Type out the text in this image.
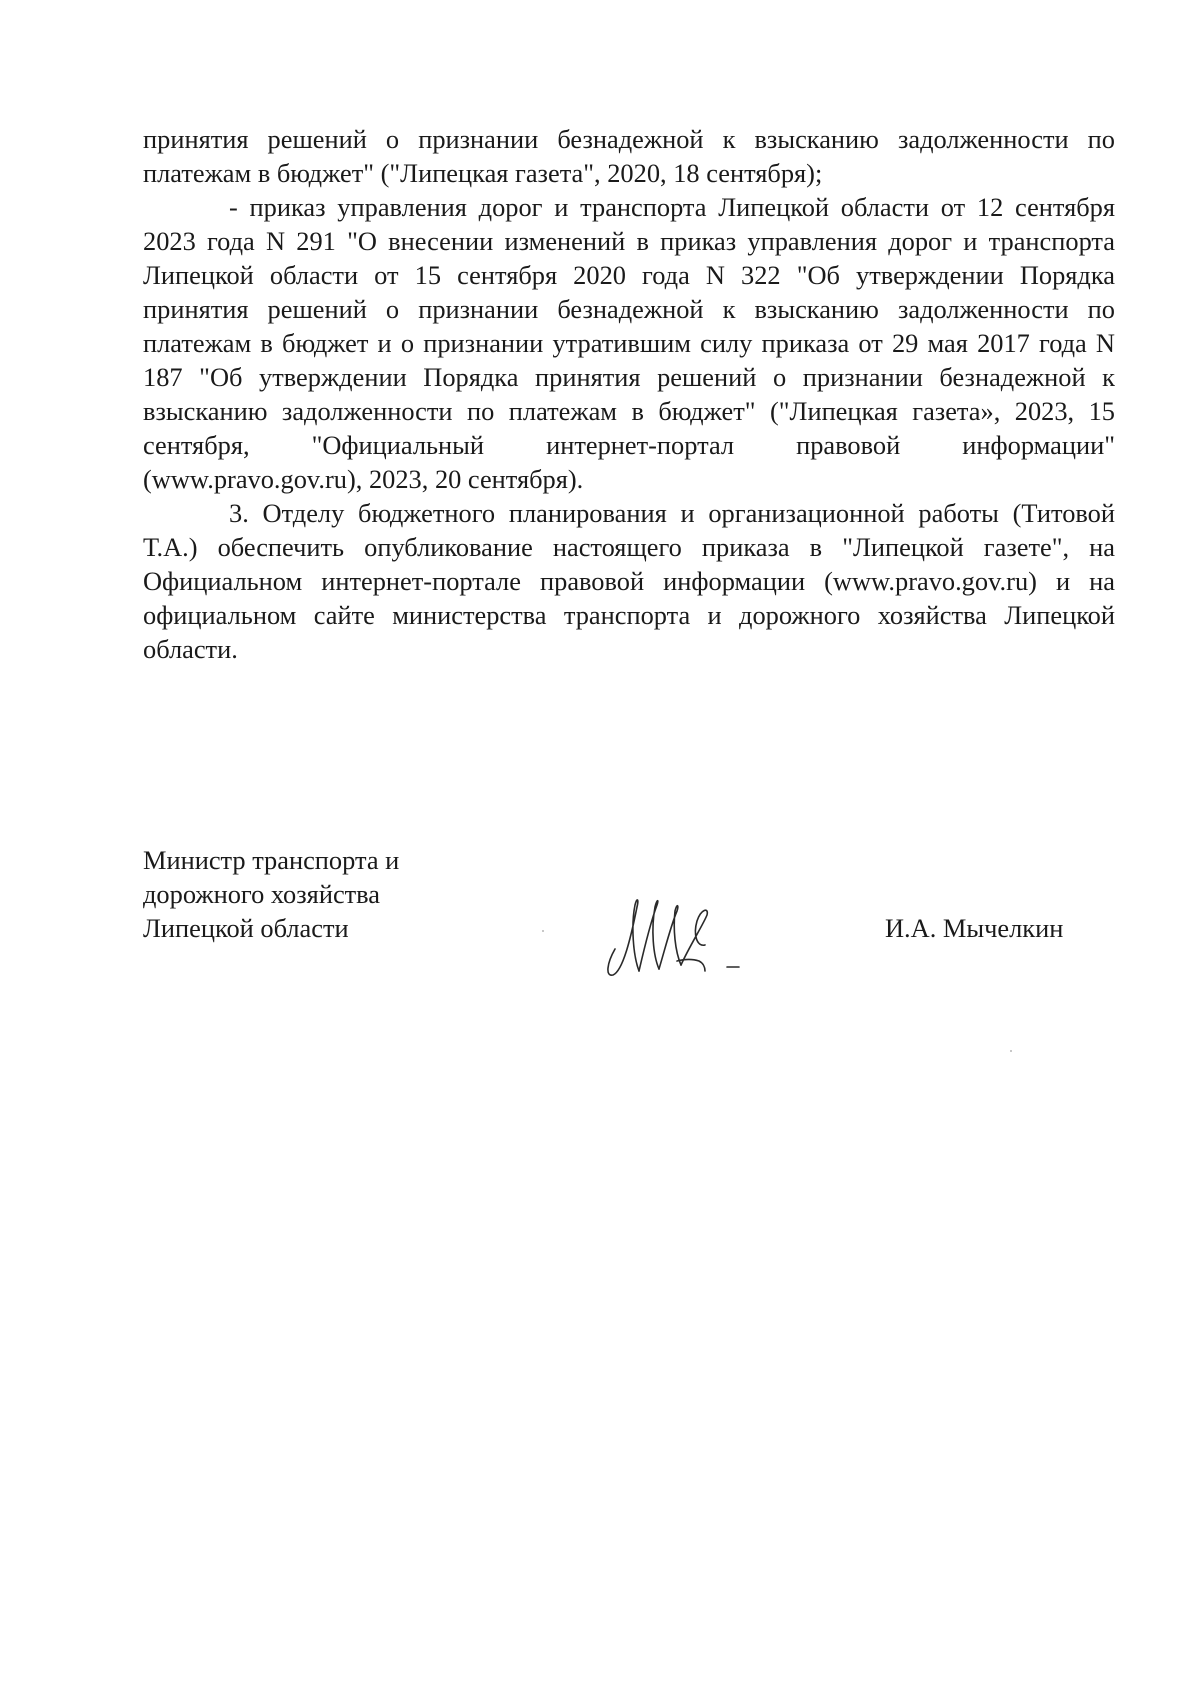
принятия решений о признании безнадежной к взысканию задолженности по платежам в бюджет" ("Липецкая газета", 2020, 18 сентября);

- приказ управления дорог и транспорта Липецкой области от 12 сентября 2023 года N 291 "О внесении изменений в приказ управления дорог и транспорта Липецкой области от 15 сентября 2020 года N 322 "Об утверждении Порядка принятия решений о признании безнадежной к взысканию задолженности по платежам в бюджет и о признании утратившим силу приказа от 29 мая 2017 года N 187 "Об утверждении Порядка принятия решений о признании безнадежной к взысканию задолженности по платежам в бюджет" ("Липецкая газета», 2023, 15 сентября, "Официальный интернет-портал правовой информации" (www.pravo.gov.ru), 2023, 20 сентября).

3. Отделу бюджетного планирования и организационной работы (Титовой Т.А.) обеспечить опубликование настоящего приказа в "Липецкой газете", на Официальном интернет-портале правовой информации (www.pravo.gov.ru) и на официальном сайте министерства транспорта и дорожного хозяйства Липецкой области.

Министр транспорта и
дорожного хозяйства
Липецкой области	И.А. Мычелкин
